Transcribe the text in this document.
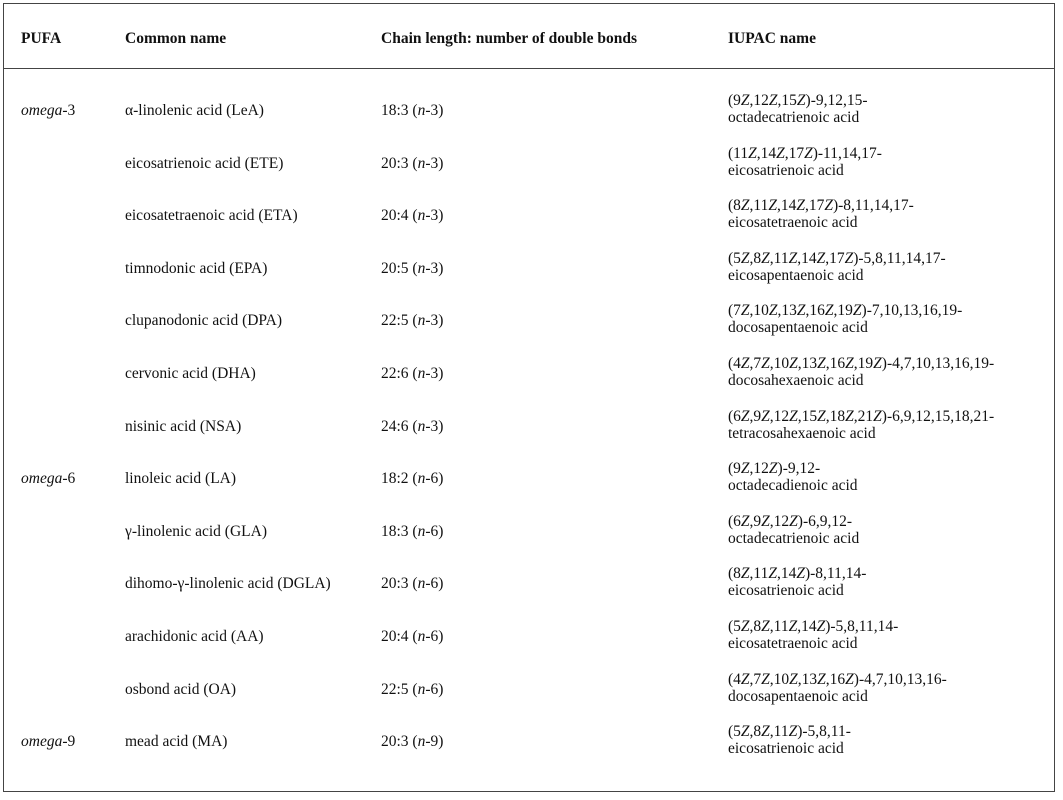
PUFA	Common name	Chain length: number of double bonds	IUPAC name
omega-3	α-linolenic acid (LeA)	18:3 (n-3)
(9Z,12Z,15Z)-9,12,15-
octadecatrienoic acid
eicosatrienoic acid (ETE)	20:3 (n-3)
(11Z,14Z,17Z)-11,14,17-
eicosatrienoic acid
eicosatetraenoic acid (ETA)	20:4 (n-3)
(8Z,11Z,14Z,17Z)-8,11,14,17-
eicosatetraenoic acid
timnodonic acid (EPA)	20:5 (n-3)
(5Z,8Z,11Z,14Z,17Z)-5,8,11,14,17-
eicosapentaenoic acid
clupanodonic acid (DPA)	22:5 (n-3)
(7Z,10Z,13Z,16Z,19Z)-7,10,13,16,19-
docosapentaenoic acid
cervonic acid (DHA)	22:6 (n-3)
(4Z,7Z,10Z,13Z,16Z,19Z)-4,7,10,13,16,19-
docosahexaenoic acid
nisinic acid (NSA)	24:6 (n-3)
(6Z,9Z,12Z,15Z,18Z,21Z)-6,9,12,15,18,21-
tetracosahexaenoic acid
omega-6	linoleic acid (LA)	18:2 (n-6)
(9Z,12Z)-9,12-
octadecadienoic acid
γ-linolenic acid (GLA)	18:3 (n-6)
(6Z,9Z,12Z)-6,9,12-
octadecatrienoic acid
dihomo-γ-linolenic acid (DGLA)	20:3 (n-6)
(8Z,11Z,14Z)-8,11,14-
eicosatrienoic acid
arachidonic acid (AA)	20:4 (n-6)
(5Z,8Z,11Z,14Z)-5,8,11,14-
eicosatetraenoic acid
osbond acid (OA)	22:5 (n-6)
(4Z,7Z,10Z,13Z,16Z)-4,7,10,13,16-
docosapentaenoic acid
omega-9	mead acid (MA)	20:3 (n-9)
(5Z,8Z,11Z)-5,8,11-
eicosatrienoic acid
